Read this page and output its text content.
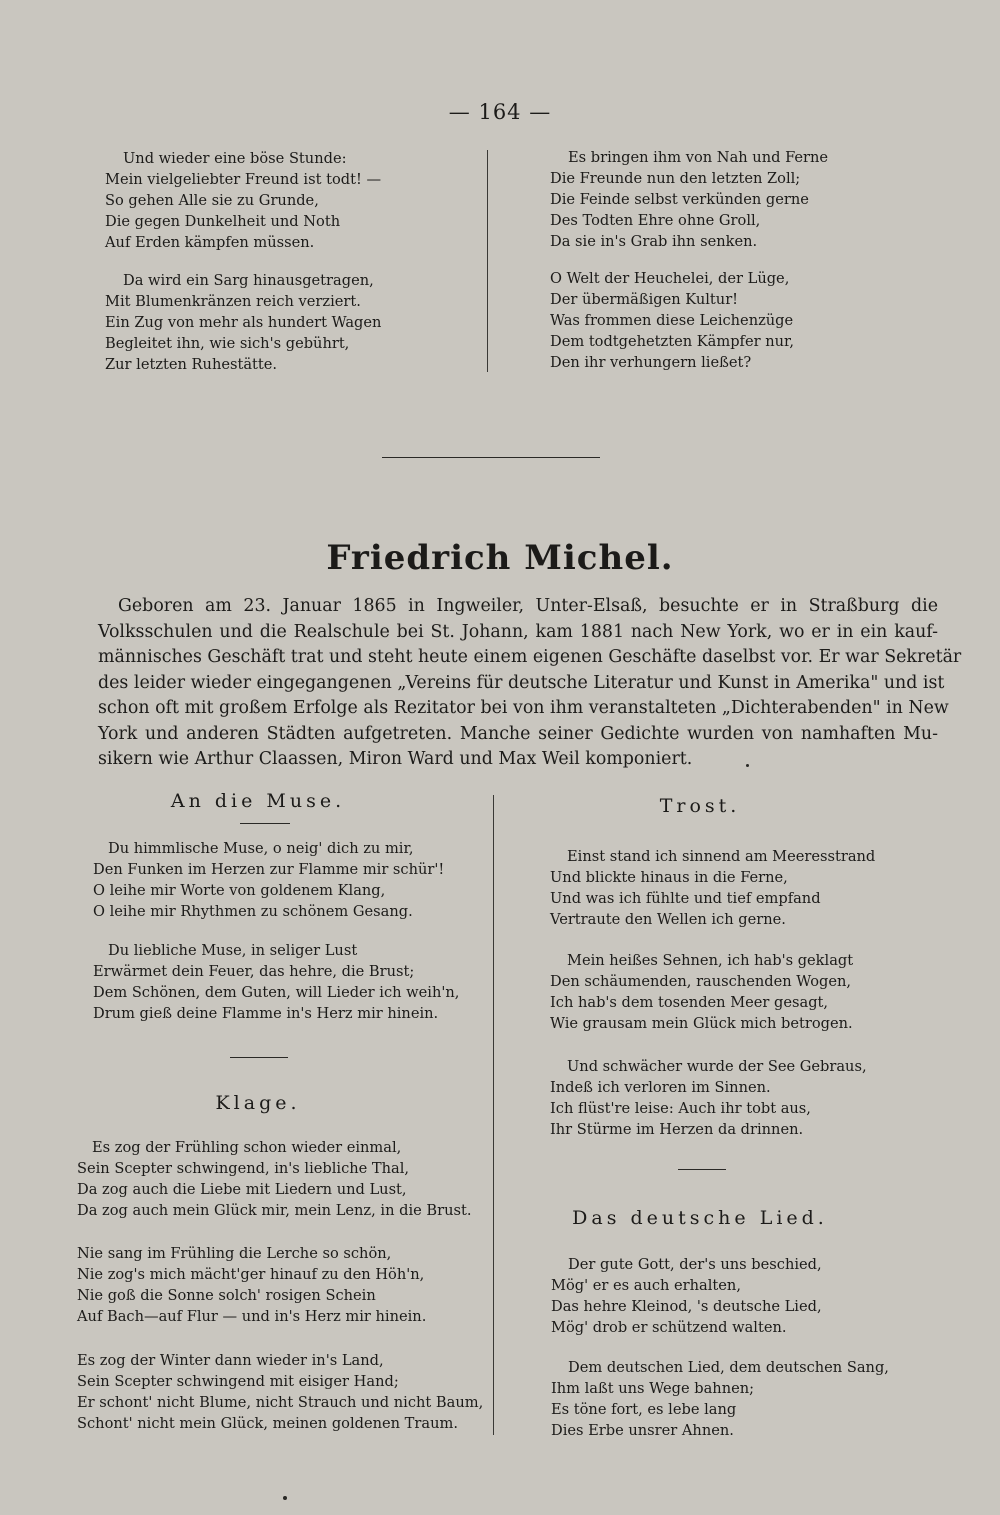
— 164 —
Und wieder eine böse Stunde:
Mein vielgeliebter Freund ist todt! —
So gehen Alle sie zu Grunde,
Die gegen Dunkelheit und Noth
Auf Erden kämpfen müssen.
Da wird ein Sarg hinausgetragen,
Mit Blumenkränzen reich verziert.
Ein Zug von mehr als hundert Wagen
Begleitet ihn, wie sich's gebührt,
Zur letzten Ruhestätte.
Es bringen ihm von Nah und Ferne
Die Freunde nun den letzten Zoll;
Die Feinde selbst verkünden gerne
Des Todten Ehre ohne Groll,
Da sie in's Grab ihn senken.
O Welt der Heuchelei, der Lüge,
Der übermäßigen Kultur!
Was frommen diese Leichenzüge
Dem todtgehetzten Kämpfer nur,
Den ihr verhungern ließet?
Friedrich Michel.
Geboren am 23. Januar 1865 in Ingweiler, Unter-Elsaß, besuchte er in Straßburg die
Volksschulen und die Realschule bei St. Johann, kam 1881 nach New York, wo er in ein kauf-
männisches Geschäft trat und steht heute einem eigenen Geschäfte daselbst vor. Er war Sekretär
des leider wieder eingegangenen „Vereins für deutsche Literatur und Kunst in Amerika" und ist
schon oft mit großem Erfolge als Rezitator bei von ihm veranstalteten „Dichterabenden" in New
York und anderen Städten aufgetreten. Manche seiner Gedichte wurden von namhaften Mu-
sikern wie Arthur Claassen, Miron Ward und Max Weil komponiert.
An die Muse.
Du himmlische Muse, o neig' dich zu mir,
Den Funken im Herzen zur Flamme mir schür'!
O leihe mir Worte von goldenem Klang,
O leihe mir Rhythmen zu schönem Gesang.
Du liebliche Muse, in seliger Lust
Erwärmet dein Feuer, das hehre, die Brust;
Dem Schönen, dem Guten, will Lieder ich weih'n,
Drum gieß deine Flamme in's Herz mir hinein.
Klage.
Es zog der Frühling schon wieder einmal,
Sein Scepter schwingend, in's liebliche Thal,
Da zog auch die Liebe mit Liedern und Lust,
Da zog auch mein Glück mir, mein Lenz, in die Brust.
Nie sang im Frühling die Lerche so schön,
Nie zog's mich mächt'ger hinauf zu den Höh'n,
Nie goß die Sonne solch' rosigen Schein
Auf Bach—auf Flur — und in's Herz mir hinein.
Es zog der Winter dann wieder in's Land,
Sein Scepter schwingend mit eisiger Hand;
Er schont' nicht Blume, nicht Strauch und nicht Baum,
Schont' nicht mein Glück, meinen goldenen Traum.
Trost.
Einst stand ich sinnend am Meeresstrand
Und blickte hinaus in die Ferne,
Und was ich fühlte und tief empfand
Vertraute den Wellen ich gerne.
Mein heißes Sehnen, ich hab's geklagt
Den schäumenden, rauschenden Wogen,
Ich hab's dem tosenden Meer gesagt,
Wie grausam mein Glück mich betrogen.
Und schwächer wurde der See Gebraus,
Indeß ich verloren im Sinnen.
Ich flüst're leise: Auch ihr tobt aus,
Ihr Stürme im Herzen da drinnen.
Das deutsche Lied.
Der gute Gott, der's uns beschied,
Mög' er es auch erhalten,
Das hehre Kleinod, 's deutsche Lied,
Mög' drob er schützend walten.
Dem deutschen Lied, dem deutschen Sang,
Ihm laßt uns Wege bahnen;
Es töne fort, es lebe lang
Dies Erbe unsrer Ahnen.
